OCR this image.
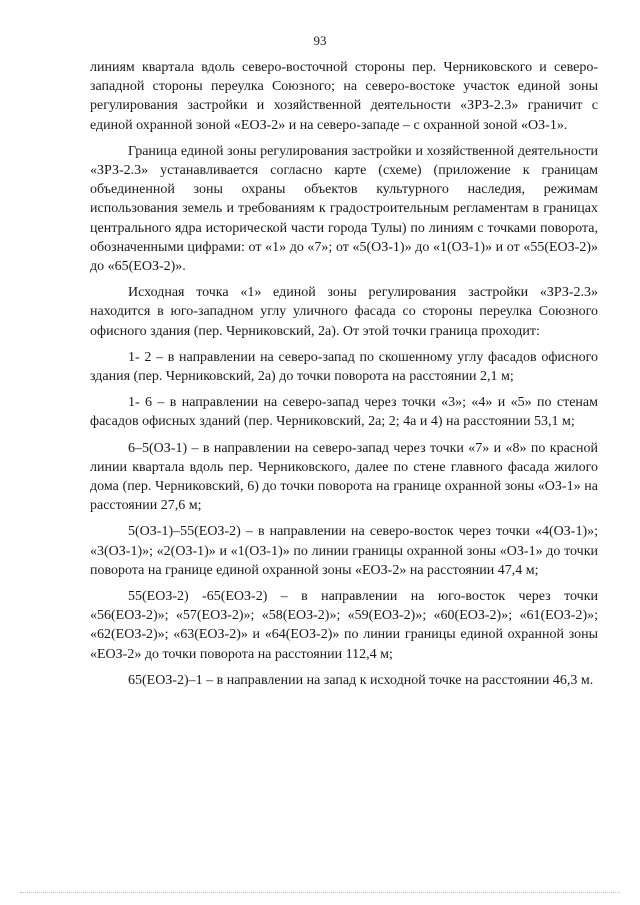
93

линиям квартала вдоль северо-восточной стороны пер. Черниковского и северо-западной стороны переулка Союзного; на северо-востоке участок единой зоны регулирования застройки и хозяйственной деятельности «ЗРЗ-2.3» граничит с единой охранной зоной «ЕОЗ-2» и на северо-западе – с охранной зоной «ОЗ-1».

Граница единой зоны регулирования застройки и хозяйственной деятельности «ЗРЗ-2.3» устанавливается согласно карте (схеме) (приложение к границам объединенной зоны охраны объектов культурного наследия, режимам использования земель и требованиям к градостроительным регламентам в границах центрального ядра исторической части города Тулы) по линиям с точками поворота, обозначенными цифрами: от «1» до «7»; от «5(ОЗ-1)» до «1(ОЗ-1)» и от «55(ЕОЗ-2)» до «65(ЕОЗ-2)».

Исходная точка «1» единой зоны регулирования застройки «ЗРЗ-2.3» находится в юго-западном углу уличного фасада со стороны переулка Союзного офисного здания (пер. Черниковский, 2а). От этой точки граница проходит:

1- 2 – в направлении на северо-запад по скошенному углу фасадов офисного здания (пер. Черниковский, 2а) до точки поворота на расстоянии 2,1 м;

1- 6 – в направлении на северо-запад через точки «3»; «4» и «5» по стенам фасадов офисных зданий (пер. Черниковский, 2а; 2; 4а и 4) на расстоянии 53,1 м;

6–5(ОЗ-1) – в направлении на северо-запад через точки «7» и «8» по красной линии квартала вдоль пер. Черниковского, далее по стене главного фасада жилого дома (пер. Черниковский, 6) до точки поворота на границе охранной зоны «ОЗ-1» на расстоянии 27,6 м;

5(ОЗ-1)–55(ЕОЗ-2) – в направлении на северо-восток через точки «4(ОЗ-1)»; «3(ОЗ-1)»; «2(ОЗ-1)» и «1(ОЗ-1)» по линии границы охранной зоны «ОЗ-1» до точки поворота на границе единой охранной зоны «ЕОЗ-2» на расстоянии 47,4 м;

55(ЕОЗ-2) -65(ЕОЗ-2) – в направлении на юго-восток через точки «56(ЕОЗ-2)»; «57(ЕОЗ-2)»; «58(ЕОЗ-2)»; «59(ЕОЗ-2)»; «60(ЕОЗ-2)»; «61(ЕОЗ-2)»; «62(ЕОЗ-2)»; «63(ЕОЗ-2)» и «64(ЕОЗ-2)» по линии границы единой охранной зоны «ЕОЗ-2» до точки поворота на расстоянии 112,4 м;

65(ЕОЗ-2)–1 – в направлении на запад к исходной точке на расстоянии 46,3 м.
